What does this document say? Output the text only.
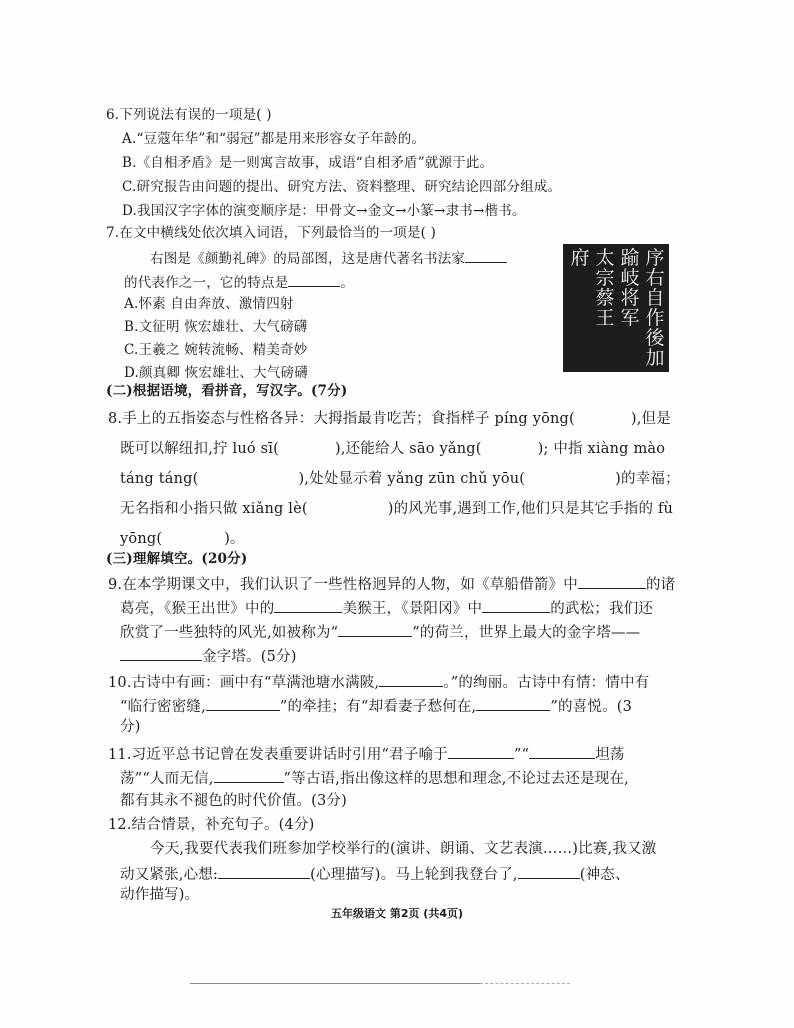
6.下列说法有误的一项是( )
A.“豆蔻年华”和“弱冠”都是用来形容女子年龄的。
B.《自相矛盾》是一则寓言故事，成语“自相矛盾”就源于此。
C.研究报告由问题的提出、研究方法、资料整理、研究结论四部分组成。
D.我国汉字字体的演变顺序是：甲骨文→金文→小篆→隶书→楷书。
7.在文中横线处依次填入词语，下列最恰当的一项是( )
右图是《颜勤礼碑》的局部图，这是唐代著名书法家
的代表作之一，它的特点是	。
A.怀素 自由奔放、激情四射
B.文征明 恢宏雄壮、大气磅礴
C.王羲之 婉转流畅、精美奇妙
D.颜真卿 恢宏雄壮、大气磅礴
序
右
自
作
後
加
踰
岐
将
军
太
宗
蔡
王
府
(二)根据语境，看拼音，写汉字。(7分)
8.手上的五指姿态与性格各异：大拇指最肯吃苦；食指样子 píng yōng(	),但是
既可以解纽扣,拧 luó sī(	),还能给人 sāo yǎng(	); 中指 xiàng mào
táng táng(	),处处显示着 yǎng zūn chǔ yōu(	)的幸福；
无名指和小指只做 xiǎng lè(	)的风光事,遇到工作,他们只是其它手指的 fù
yōng(	)。
(三)理解填空。(20分)
9.在本学期课文中，我们认识了一些性格迥异的人物，如《草船借箭》中	的诸
葛亮，《猴王出世》中的	美猴王，《景阳冈》中	的武松；我们还
欣赏了一些独特的风光,如被称为“	”的荷兰，世界上最大的金字塔——
金字塔。(5分)
10.古诗中有画：画中有“草满池塘水满陂,	。”的绚丽。古诗中有情：情中有
“临行密密缝,	”的牵挂；有“却看妻子愁何在,	”的喜悦。(3
分)
11.习近平总书记曾在发表重要讲话时引用“君子喻于	”“	坦荡
荡”“人而无信,	”等古语,指出像这样的思想和理念,不论过去还是现在,
都有其永不褪色的时代价值。(3分)
12.结合情景，补充句子。(4分)
今天,我要代表我们班参加学校举行的(演讲、朗诵、文艺表演……)比赛,我又激
动又紧张,心想:	(心理描写)。马上轮到我登台了,	(神态、
动作描写)。
五年级语文 第2页 (共4页)
